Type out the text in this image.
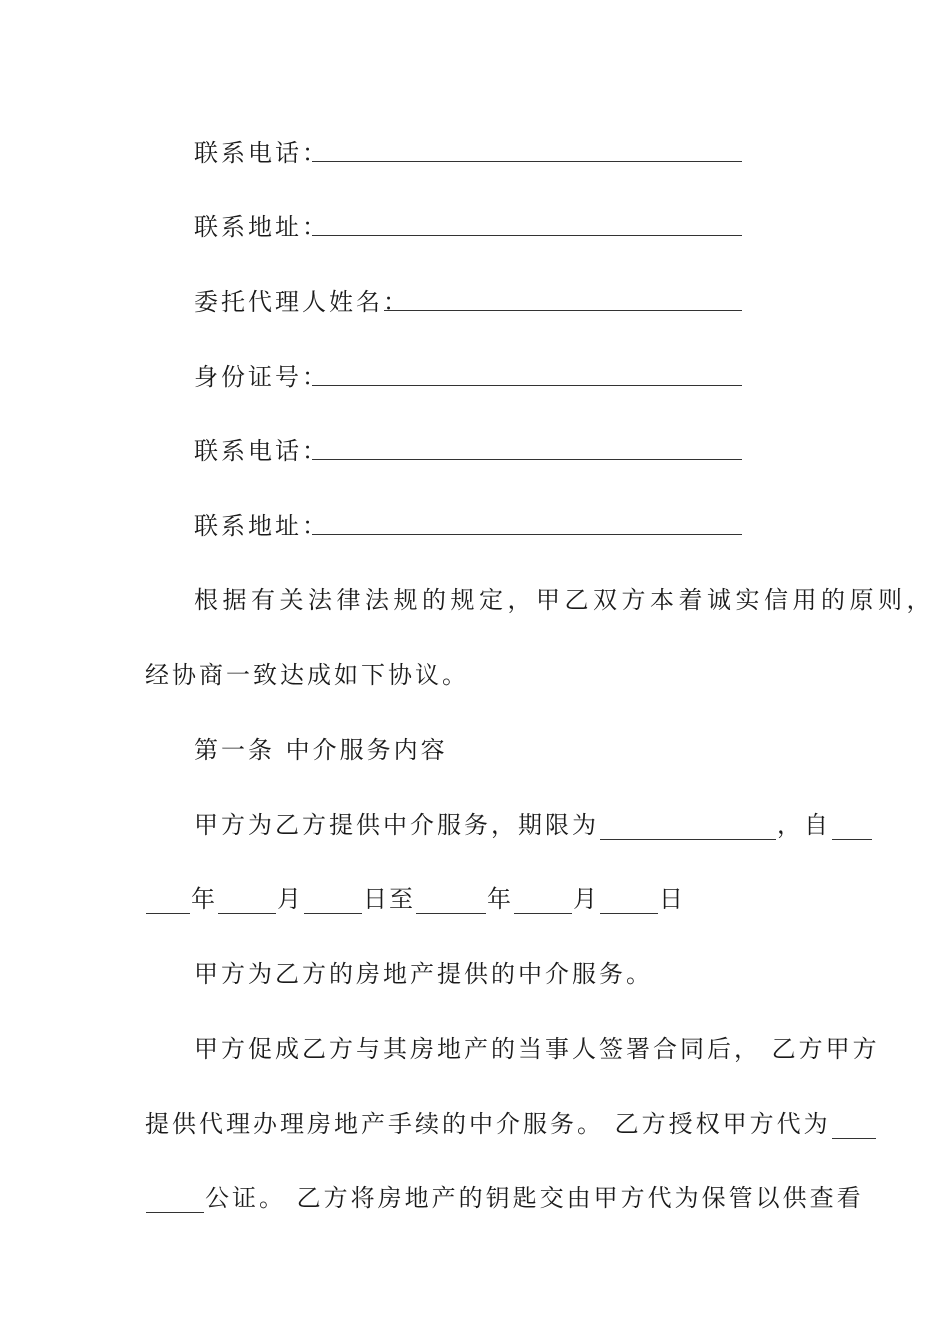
联系电话：
联系地址：
委托代理人姓名：
身份证号：
联系电话：
联系地址：
根据有关法律法规的规定，甲乙双方本着诚实信用的原则，
经协商一致达成如下协议。
第一条 中介服务内容
甲方为乙方提供中介服务，期限为	，自
年	月	日至	年	月	日
甲方为乙方的房地产提供的中介服务。
甲方促成乙方与其房地产的当事人签署合同后， 乙方甲方
提供代理办理房地产手续的中介服务。 乙方授权甲方代为
公证。 乙方将房地产的钥匙交由甲方代为保管以供查看
